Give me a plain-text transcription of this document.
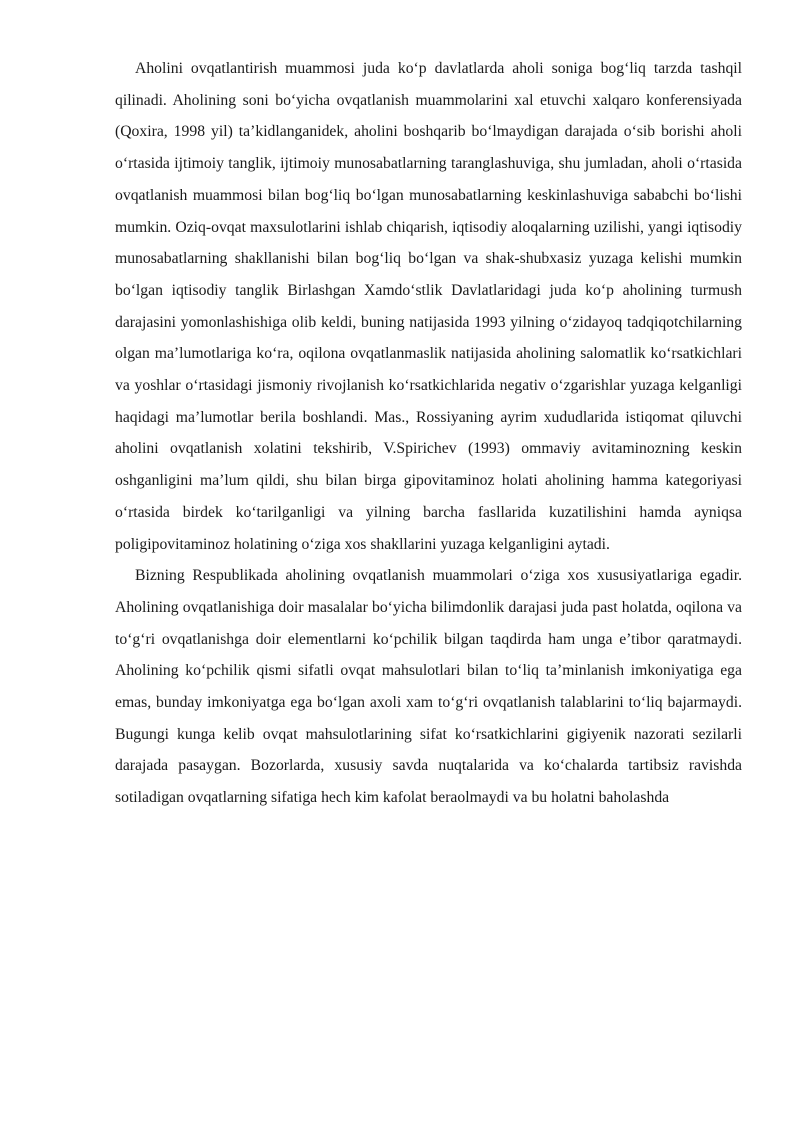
Aholini ovqatlantirish muammosi juda ko‘p davlatlarda aholi soniga bog‘liq tarzda tashqil qilinadi. Aholining soni bo‘yicha ovqatlanish muammolarini xal etuvchi xalqaro konferensiyada (Qoxira, 1998 yil) ta’kidlanganidek, aholini boshqarib bo‘lmaydigan darajada o‘sib borishi aholi o‘rtasida ijtimoiy tanglik, ijtimoiy munosabatlarning taranglashuviga, shu jumladan, aholi o‘rtasida ovqatlanish muammosi bilan bog‘liq bo‘lgan munosabatlarning keskinlashuviga sababchi bo‘lishi mumkin. Oziq-ovqat maxsulotlarini ishlab chiqarish, iqtisodiy aloqalarning uzilishi, yangi iqtisodiy munosabatlarning shakllanishi bilan bog‘liq bo‘lgan va shak-shubxasiz yuzaga kelishi mumkin bo‘lgan iqtisodiy tanglik Birlashgan Xamdo‘stlik Davlatlaridagi juda ko‘p aholining turmush darajasini yomonlashishiga olib keldi, buning natijasida 1993 yilning o‘zidayoq tadqiqotchilarning olgan ma’lumotlariga ko‘ra, oqilona ovqatlanmaslik natijasida aholining salomatlik ko‘rsatkichlari va yoshlar o‘rtasidagi jismoniy rivojlanish ko‘rsatkichlarida negativ o‘zgarishlar yuzaga kelganligi haqidagi ma’lumotlar berila boshlandi. Mas., Rossiyaning ayrim xududlarida istiqomat qiluvchi aholini ovqatlanish xolatini tekshirib, V.Spirichev (1993) ommaviy avitaminozning keskin oshganligini ma’lum qildi, shu bilan birga gipovitaminoz holati aholining hamma kategoriyasi o‘rtasida birdek ko‘tarilganligi va yilning barcha fasllarida kuzatilishini hamda ayniqsa poligipovitaminoz holatining o‘ziga xos shakllarini yuzaga kelganligini aytadi.

Bizning Respublikada aholining ovqatlanish muammolari o‘ziga xos xususiyatlariga egadir. Aholining ovqatlanishiga doir masalalar bo‘yicha bilimdonlik darajasi juda past holatda, oqilona va to‘g‘ri ovqatlanishga doir elementlarni ko‘pchilik bilgan taqdirda ham unga e’tibor qaratmaydi. Aholining ko‘pchilik qismi sifatli ovqat mahsulotlari bilan to‘liq ta’minlanish imkoniyatiga ega emas, bunday imkoniyatga ega bo‘lgan axoli xam to‘g‘ri ovqatlanish talablarini to‘liq bajarmaydi. Bugungi kunga kelib ovqat mahsulotlarining sifat ko‘rsatkichlarini gigiyenik nazorati sezilarli darajada pasaygan. Bozorlarda, xususiy savda nuqtalarida va ko‘chalarda tartibsiz ravishda sotiladigan ovqatlarning sifatiga hech kim kafolat beraolmaydi va bu holatni baholashda
